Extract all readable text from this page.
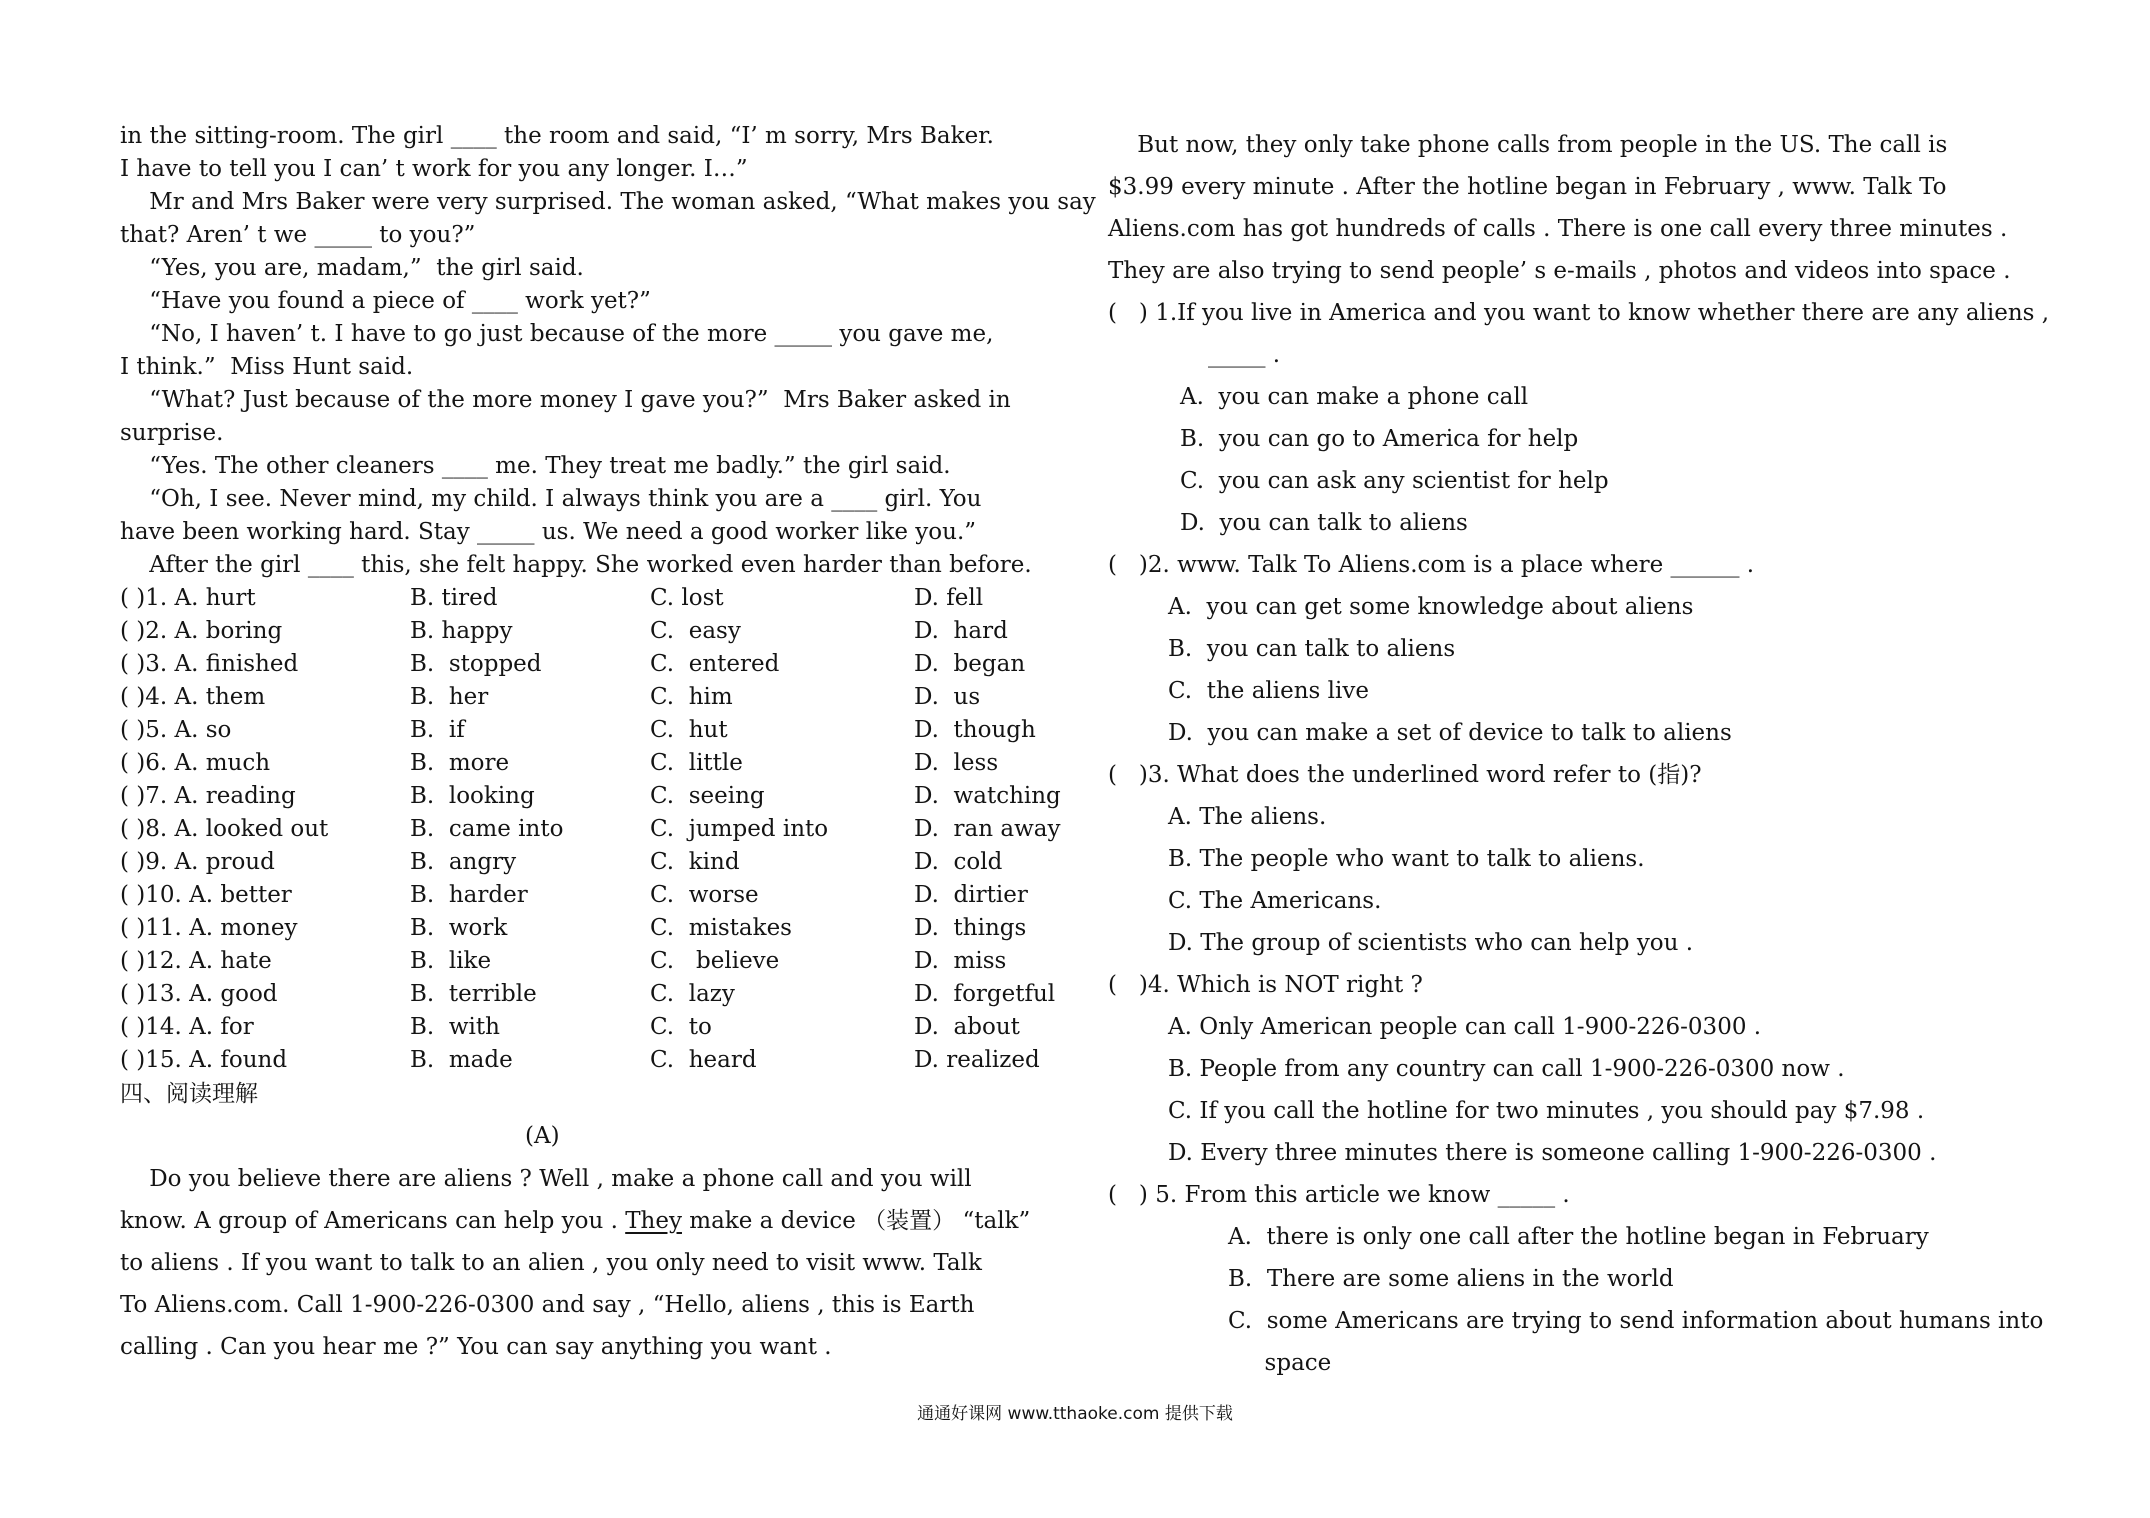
in the sitting-room. The girl ____ the room and said, “I’ m sorry, Mrs Baker.
I have to tell you I can’ t work for you any longer. I…”
Mr and Mrs Baker were very surprised. The woman asked, “What makes you say
that? Aren’ t we _____ to you?”
“Yes, you are, madam,”  the girl said.
“Have you found a piece of ____ work yet?”
“No, I haven’ t. I have to go just because of the more _____ you gave me,
I think.”  Miss Hunt said.
“What? Just because of the more money I gave you?”  Mrs Baker asked in
surprise.
“Yes. The other cleaners ____ me. They treat me badly.” the girl said.
“Oh, I see. Never mind, my child. I always think you are a ____ girl. You
have been working hard. Stay _____ us. We need a good worker like you.”
After the girl ____ this, she felt happy. She worked even harder than before.
( )1. A. hurt	B. tired	C. lost	D. fell
( )2. A. boring	B. happy	C.  easy	D.  hard
( )3. A. finished	B.  stopped	C.  entered	D.  began
( )4. A. them	B.  her	C.  him	D.  us
( )5. A. so	B.  if	C.  hut	D.  though
( )6. A. much	B.  more	C.  little	D.  less
( )7. A. reading	B.  looking	C.  seeing	D.  watching
( )8. A. looked out	B.  came into	C.  jumped into	D.  ran away
( )9. A. proud	B.  angry	C.  kind	D.  cold
( )10. A. better	B.  harder	C.  worse	D.  dirtier
( )11. A. money	B.  work	C.  mistakes	D.  things
( )12. A. hate	B.  like	C.   believe	D.  miss
( )13. A. good	B.  terrible	C.  lazy	D.  forgetful
( )14. A. for	B.  with	C.  to	D.  about
( )15. A. found	B.  made	C.  heard	D. realized
四、阅读理解
(A)
Do you believe there are aliens ? Well , make a phone call and you will
know. A group of Americans can help you . They make a device （装置） “talk”
to aliens . If you want to talk to an alien , you only need to visit www. Talk
To Aliens.com. Call 1-900-226-0300 and say , “Hello, aliens , this is Earth
calling . Can you hear me ?” You can say anything you want .
But now, they only take phone calls from people in the US. The call is
$3.99 every minute . After the hotline began in February , www. Talk To
Aliens.com has got hundreds of calls . There is one call every three minutes .
They are also trying to send people’ s e-mails , photos and videos into space .
(   ) 1.If you live in America and you want to know whether there are any aliens ,
_____ .
A.  you can make a phone call
B.  you can go to America for help
C.  you can ask any scientist for help
D.  you can talk to aliens
(   )2. www. Talk To Aliens.com is a place where ______ .
A.  you can get some knowledge about aliens
B.  you can talk to aliens
C.  the aliens live
D.  you can make a set of device to talk to aliens
(   )3. What does the underlined word refer to (指)?
A. The aliens.
B. The people who want to talk to aliens.
C. The Americans.
D. The group of scientists who can help you .
(   )4. Which is NOT right ?
A. Only American people can call 1-900-226-0300 .
B. People from any country can call 1-900-226-0300 now .
C. If you call the hotline for two minutes , you should pay $7.98 .
D. Every three minutes there is someone calling 1-900-226-0300 .
(   ) 5. From this article we know _____ .
A.  there is only one call after the hotline began in February
B.  There are some aliens in the world
C.  some Americans are trying to send information about humans into
space
通通好课网 www.tthaoke.com 提供下载
